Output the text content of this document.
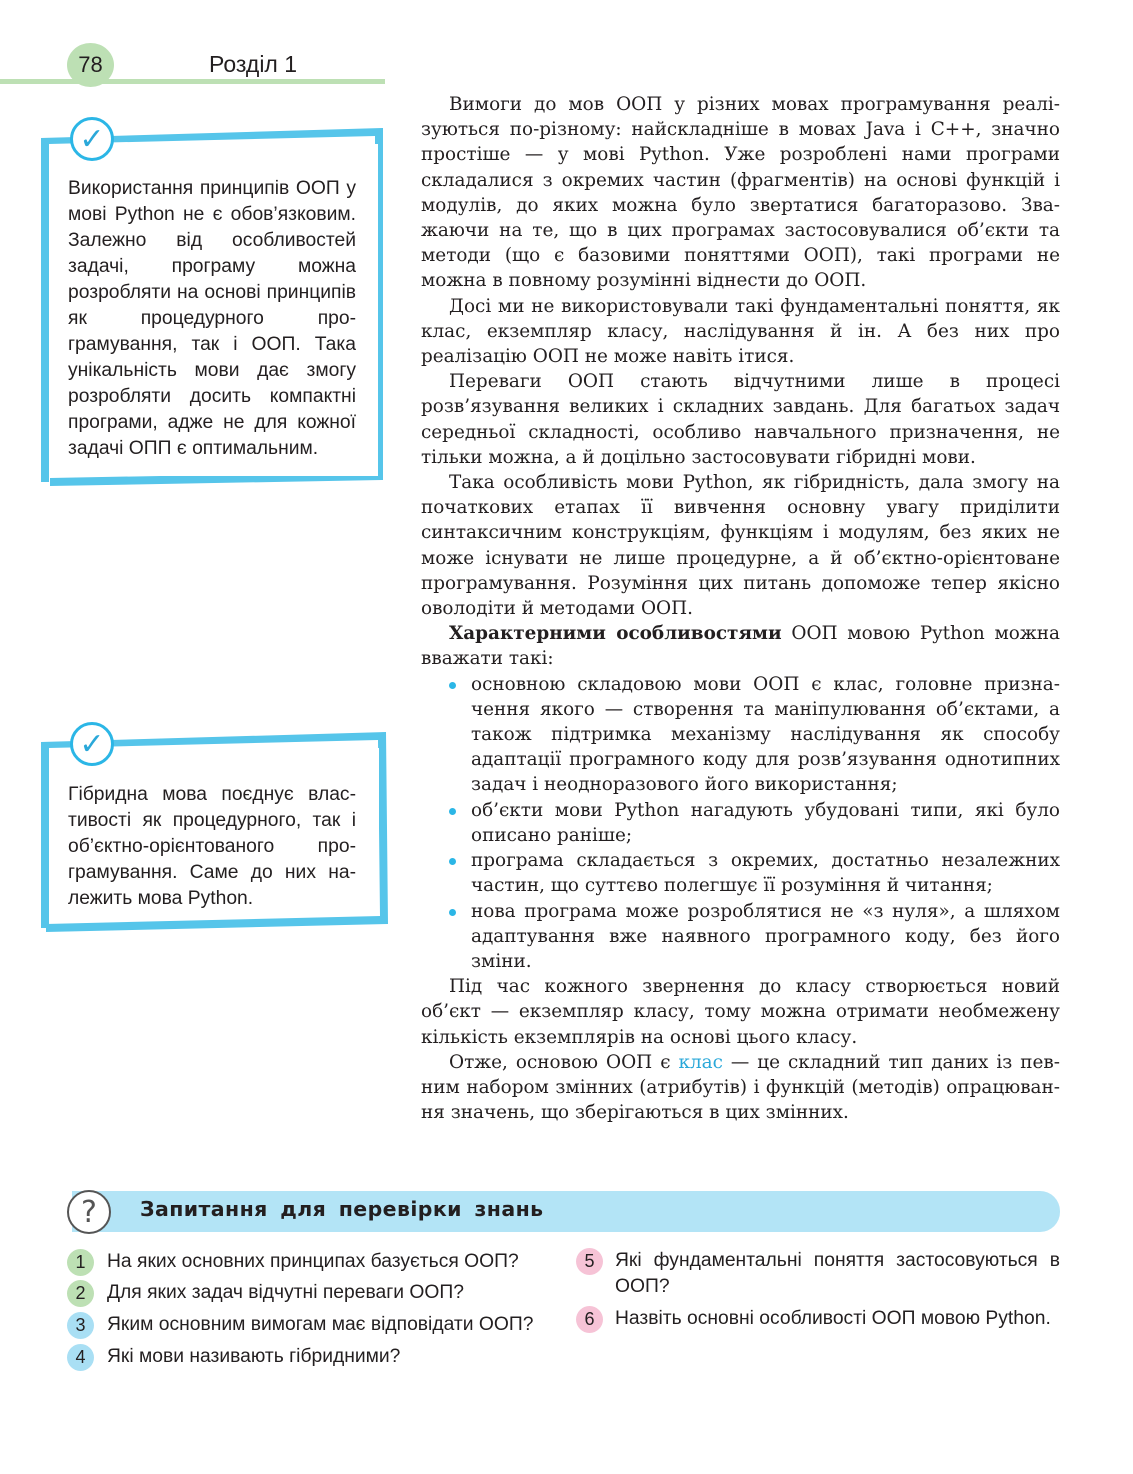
78	Розділ 1
✓
Використання принципів ООП у мові Python не є обов’язковим. Залежно від особливостей задачі, програму можна розробляти на основі принципів як процедурного програмування, так і ООП. Така унікальність мови дає змогу розробляти досить компактні програми, адже не для кожної задачі ОПП є оптимальним.
✓
Гібридна мова поєднує властивості як процедурного, так і об’єктно-орієнтованого програмування. Саме до них належить мова Python.

Вимоги до мов ООП у різних мовах програмування реалізуються по-різному: найскладніше в мовах Java і C++, значно простіше — у мові Python. Уже розроблені нами програми складалися з окремих частин (фрагментів) на основі функцій і модулів, до яких можна було звертатися багаторазово. Зважаючи на те, що в цих програмах застосовувалися об’єкти та методи (що є базовими поняттями ООП), такі програми не можна в повному розумінні віднести до ООП.

Досі ми не використовували такі фундаментальні поняття, як клас, екземпляр класу, наслідування й ін. А без них про реалізацію ООП не може навіть ітися.

Переваги ООП стають відчутними лише в процесі розв’язування великих і складних завдань. Для багатьох задач середньої складності, особливо навчального призначення, не тільки можна, а й доцільно застосовувати гібридні мови.

Така особливість мови Python, як гібридність, дала змогу на початкових етапах її вивчення основну увагу приділити синтаксичним конструкціям, функціям і модулям, без яких не може існувати не лише процедурне, а й об’єктно-орієнтоване програмування. Розуміння цих питань допоможе тепер якісно оволодіти й методами ООП.

Характерними особливостями ООП мовою Python можна вважати такі:

основною складовою мови ООП є клас, головне призначення якого — створення та маніпулювання об’єктами, а також підтримка механізму наслідування як способу адаптації програмного коду для розв’язування однотипних задач і неодноразового його використання;
об’єкти мови Python нагадують убудовані типи, які було описано раніше;
програма складається з окремих, достатньо незалежних частин, що суттєво полегшує її розуміння й читання;
нова програма може розроблятися не «з нуля», а шляхом адаптування вже наявного програмного коду, без його зміни.

Під час кожного звернення до класу створюється новий об’єкт — екземпляр класу, тому можна отримати необмежену кількість екземплярів на основі цього класу.

Отже, основою ООП є клас — це складний тип даних із певним набором змінних (атрибутів) і функцій (методів) опрацювання значень, що зберігаються в цих змінних.

?	Запитання для перевірки знань
1	На яких основних принципах базується ООП?
2	Для яких задач відчутні переваги ООП?
3	Яким основним вимогам має відповідати ООП?
4	Які мови називають гібридними?
5	Які фундаментальні поняття застосовуються в ООП?
6	Назвіть основні особливості ООП мовою Python.
